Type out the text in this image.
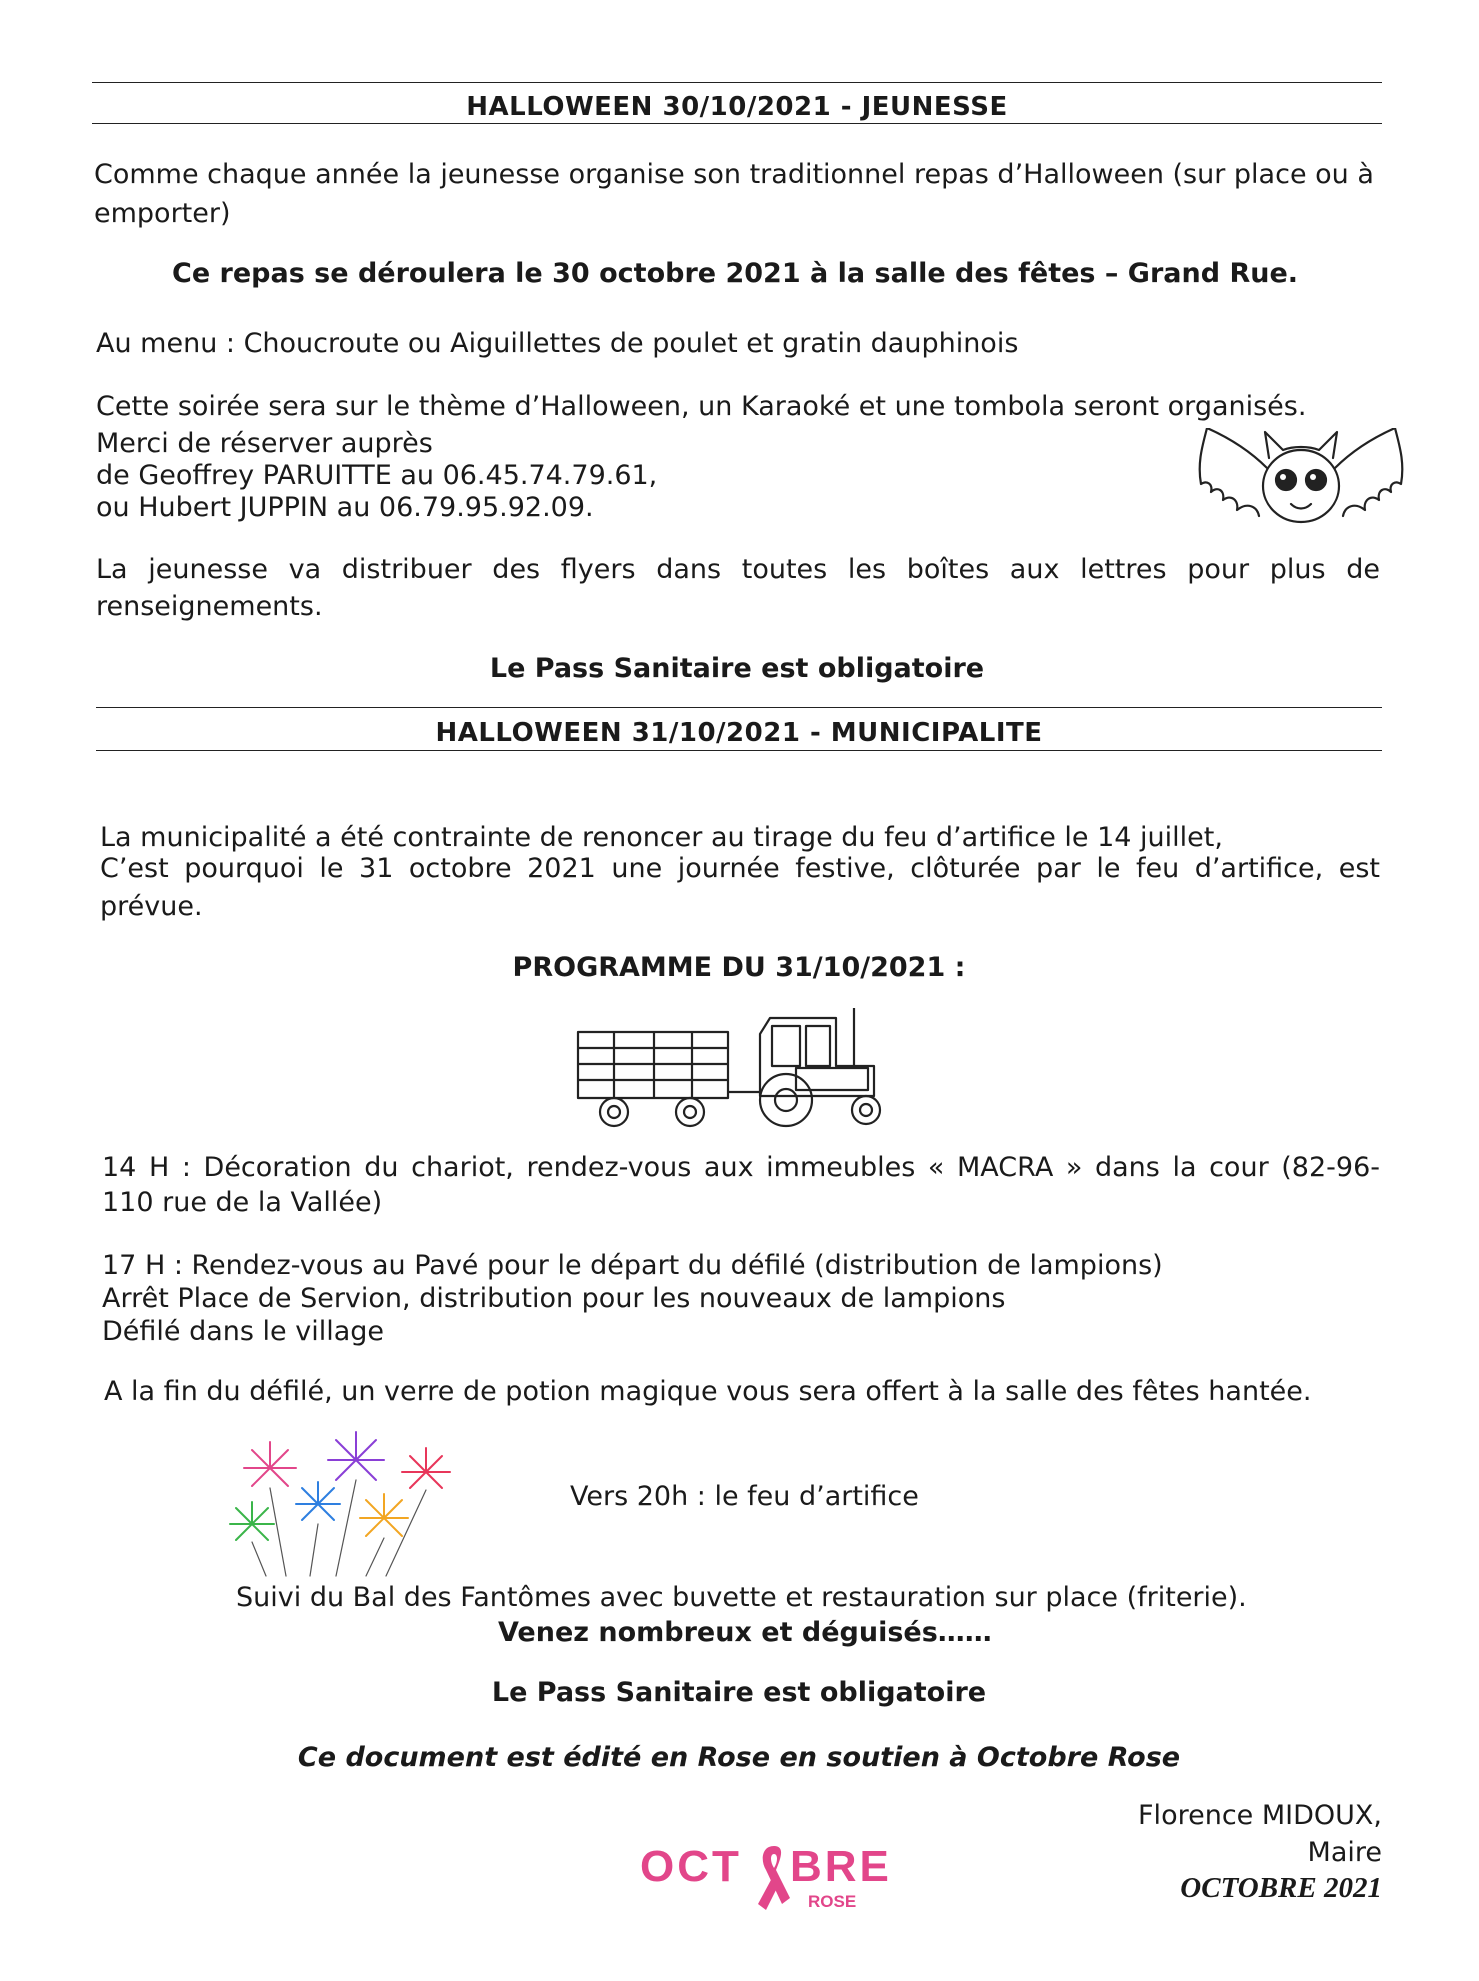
HALLOWEEN 30/10/2021 - JEUNESSE
Comme chaque année la jeunesse organise son traditionnel repas d’Halloween (sur place ou à
emporter)
Ce repas se déroulera le 30 octobre 2021 à la salle des fêtes – Grand Rue.
Au menu : Choucroute ou Aiguillettes de poulet et gratin dauphinois
Cette soirée sera sur le thème d’Halloween, un Karaoké et une tombola seront organisés.
Merci de réserver auprès
de Geoffrey PARUITTE au 06.45.74.79.61,
ou Hubert JUPPIN au 06.79.95.92.09.
La jeunesse va distribuer des flyers dans toutes les boîtes aux lettres pour plus de
renseignements.
Le Pass Sanitaire est obligatoire
HALLOWEEN 31/10/2021 - MUNICIPALITE
La municipalité a été contrainte de renoncer au tirage du feu d’artifice le 14 juillet,
C’est pourquoi le 31 octobre 2021 une journée festive, clôturée par le feu d’artifice, est
prévue.
PROGRAMME DU 31/10/2021 :
14 H : Décoration du chariot, rendez-vous aux immeubles « MACRA » dans la cour (82-96-
110 rue de la Vallée)
17 H : Rendez-vous au Pavé pour le départ du défilé (distribution de lampions)
Arrêt Place de Servion, distribution pour les nouveaux de lampions
Défilé dans le village
A la fin du défilé, un verre de potion magique vous sera offert à la salle des fêtes hantée.
Vers 20h : le feu d’artifice
Suivi du Bal des Fantômes avec buvette et restauration sur place (friterie).
Venez nombreux et déguisés……
Le Pass Sanitaire est obligatoire
Ce document est édité en Rose en soutien à Octobre Rose
Florence MIDOUX,
Maire
OCTOBRE 2021
OCT BRE
ROSE
